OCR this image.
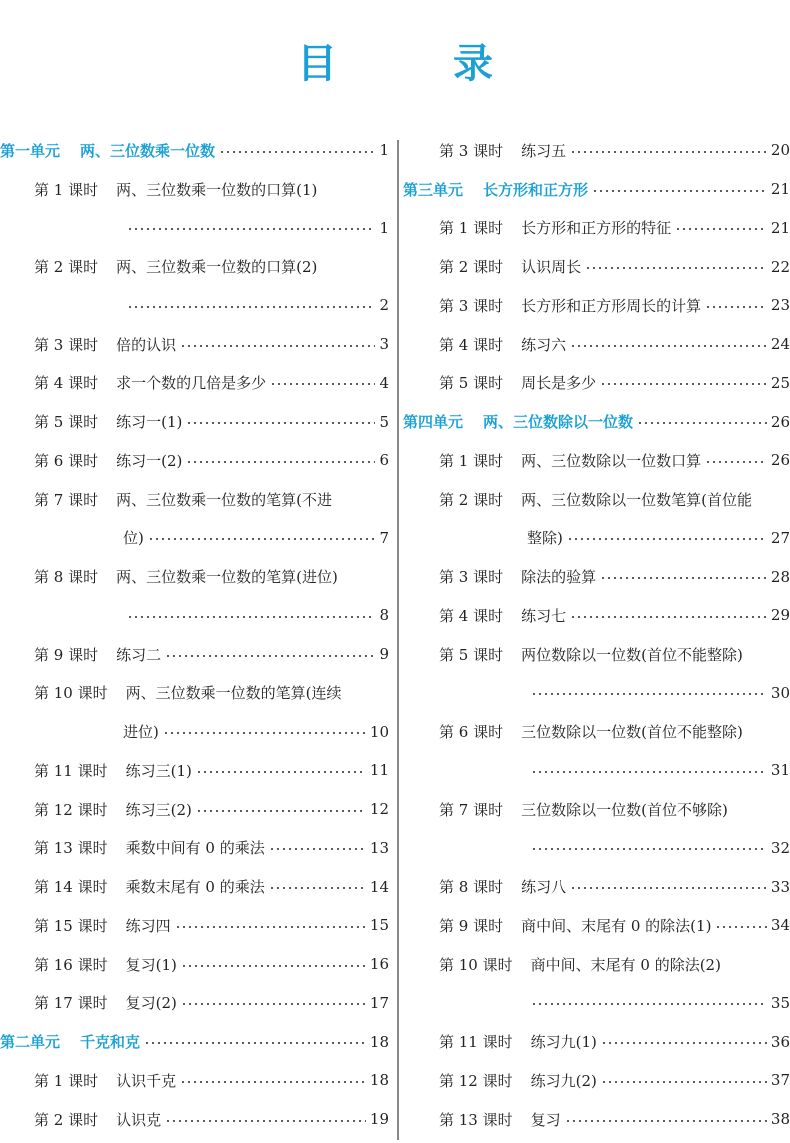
目　录
第一单元 两、三位数乘一位数	1
第 1 课时 两、三位数乘一位数的口算(1)
1
第 2 课时 两、三位数乘一位数的口算(2)
2
第 3 课时 倍的认识	3
第 4 课时 求一个数的几倍是多少	4
第 5 课时 练习一(1)	5
第 6 课时 练习一(2)	6
第 7 课时 两、三位数乘一位数的笔算(不进
位)	7
第 8 课时 两、三位数乘一位数的笔算(进位)
8
第 9 课时 练习二	9
第 10 课时 两、三位数乘一位数的笔算(连续
进位)	10
第 11 课时 练习三(1)	11
第 12 课时 练习三(2)	12
第 13 课时 乘数中间有 0 的乘法	13
第 14 课时 乘数末尾有 0 的乘法	14
第 15 课时 练习四	15
第 16 课时 复习(1)	16
第 17 课时 复习(2)	17
第二单元 千克和克	18
第 1 课时 认识千克	18
第 2 课时 认识克	19
第 3 课时 练习五	20
第三单元 长方形和正方形	21
第 1 课时 长方形和正方形的特征	21
第 2 课时 认识周长	22
第 3 课时 长方形和正方形周长的计算	23
第 4 课时 练习六	24
第 5 课时 周长是多少	25
第四单元 两、三位数除以一位数	26
第 1 课时 两、三位数除以一位数口算	26
第 2 课时 两、三位数除以一位数笔算(首位能
整除)	27
第 3 课时 除法的验算	28
第 4 课时 练习七	29
第 5 课时 两位数除以一位数(首位不能整除)
30
第 6 课时 三位数除以一位数(首位不能整除)
31
第 7 课时 三位数除以一位数(首位不够除)
32
第 8 课时 练习八	33
第 9 课时 商中间、末尾有 0 的除法(1)	34
第 10 课时 商中间、末尾有 0 的除法(2)
35
第 11 课时 练习九(1)	36
第 12 课时 练习九(2)	37
第 13 课时 复习	38
